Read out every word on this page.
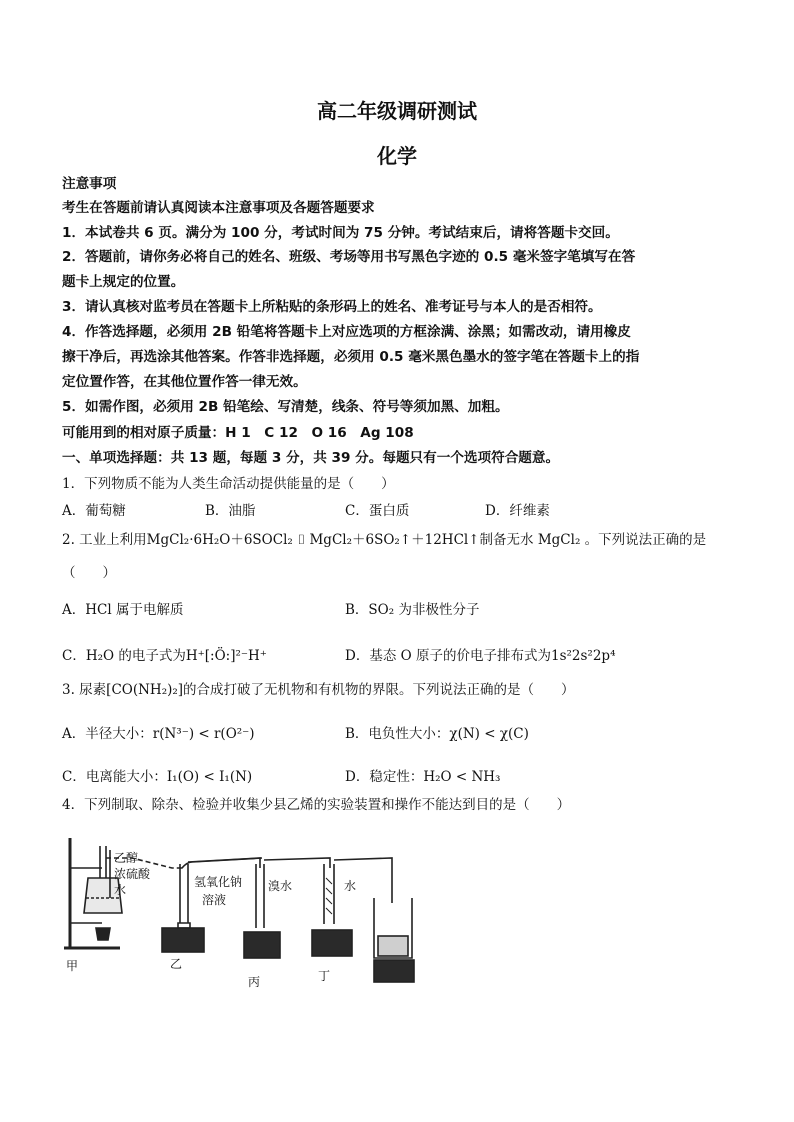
高二年级调研测试
化学
注意事项
考生在答题前请认真阅读本注意事项及各题答题要求
1．本试卷共 6 页。满分为 100 分，考试时间为 75 分钟。考试结束后，请将答题卡交回。
2．答题前，请你务必将自己的姓名、班级、考场等用书写黑色字迹的 0.5 毫米签字笔填写在答
题卡上规定的位置。
3．请认真核对监考员在答题卡上所粘贴的条形码上的姓名、准考证号与本人的是否相符。
4．作答选择题，必须用 2B 铅笔将答题卡上对应选项的方框涂满、涂黑；如需改动，请用橡皮
擦干净后，再选涂其他答案。作答非选择题，必须用 0.5 毫米黑色墨水的签字笔在答题卡上的指
定位置作答，在其他位置作答一律无效。
5．如需作图，必须用 2B 铅笔绘、写清楚，线条、符号等须加黑、加粗。
可能用到的相对原子质量：H 1　C 12　O 16　Ag 108
一、单项选择题：共 13 题，每题 3 分，共 39 分。每题只有一个选项符合题意。
1．下列物质不能为人类生命活动提供能量的是（　　）
A．葡萄糖	B．油脂	C．蛋白质	D．纤维素
2. 工业上利用MgCl₂·6H₂O＋6SOCl₂ ⌷ MgCl₂＋6SO₂↑＋12HCl↑制备无水 MgCl₂ 。下列说法正确的是
（　　）
A．HCl 属于电解质	B．SO₂ 为非极性分子
C．H₂O 的电子式为H⁺[:Ö:]²⁻H⁺	D．基态 O 原子的价电子排布式为1s²2s²2p⁴
3. 尿素[CO(NH₂)₂]的合成打破了无机物和有机物的界限。下列说法正确的是（　　）
A．半径大小：r(N³⁻) < r(O²⁻)	B．电负性大小：χ(N) < χ(C)
C．电离能大小：I₁(O) < I₁(N)	D．稳定性：H₂O < NH₃
4．下列制取、除杂、检验并收集少县乙烯的实验装置和操作不能达到目的是（　　）
乙醇
浓硫酸
水
氢氧化钠
溶液
溴水	水
甲	乙
丙	丁
